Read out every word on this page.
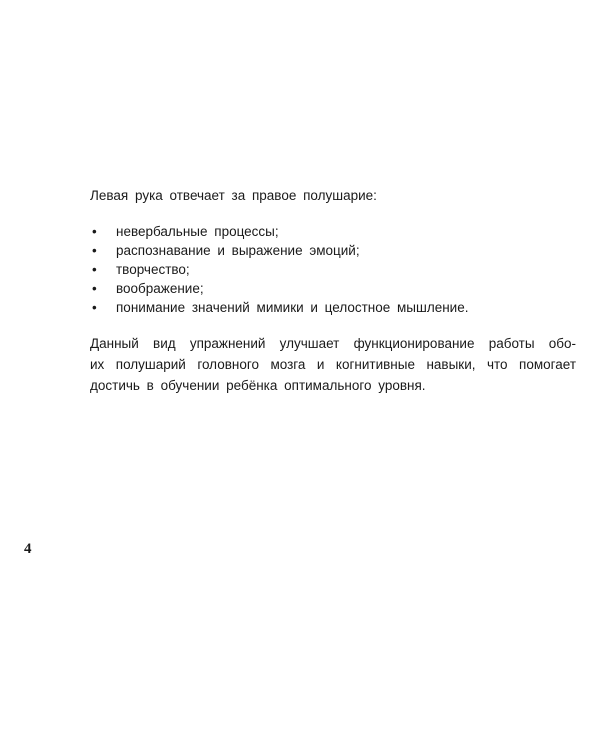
Левая рука отвечает за правое полушарие:

• невербальные процессы;
• распознавание и выражение эмоций;
• творчество;
• воображение;
• понимание значений мимики и целостное мышление.

Данный вид упражнений улучшает функционирование работы обо-
их полушарий головного мозга и когнитивные навыки, что помогает
достичь в обучении ребёнка оптимального уровня.

4
